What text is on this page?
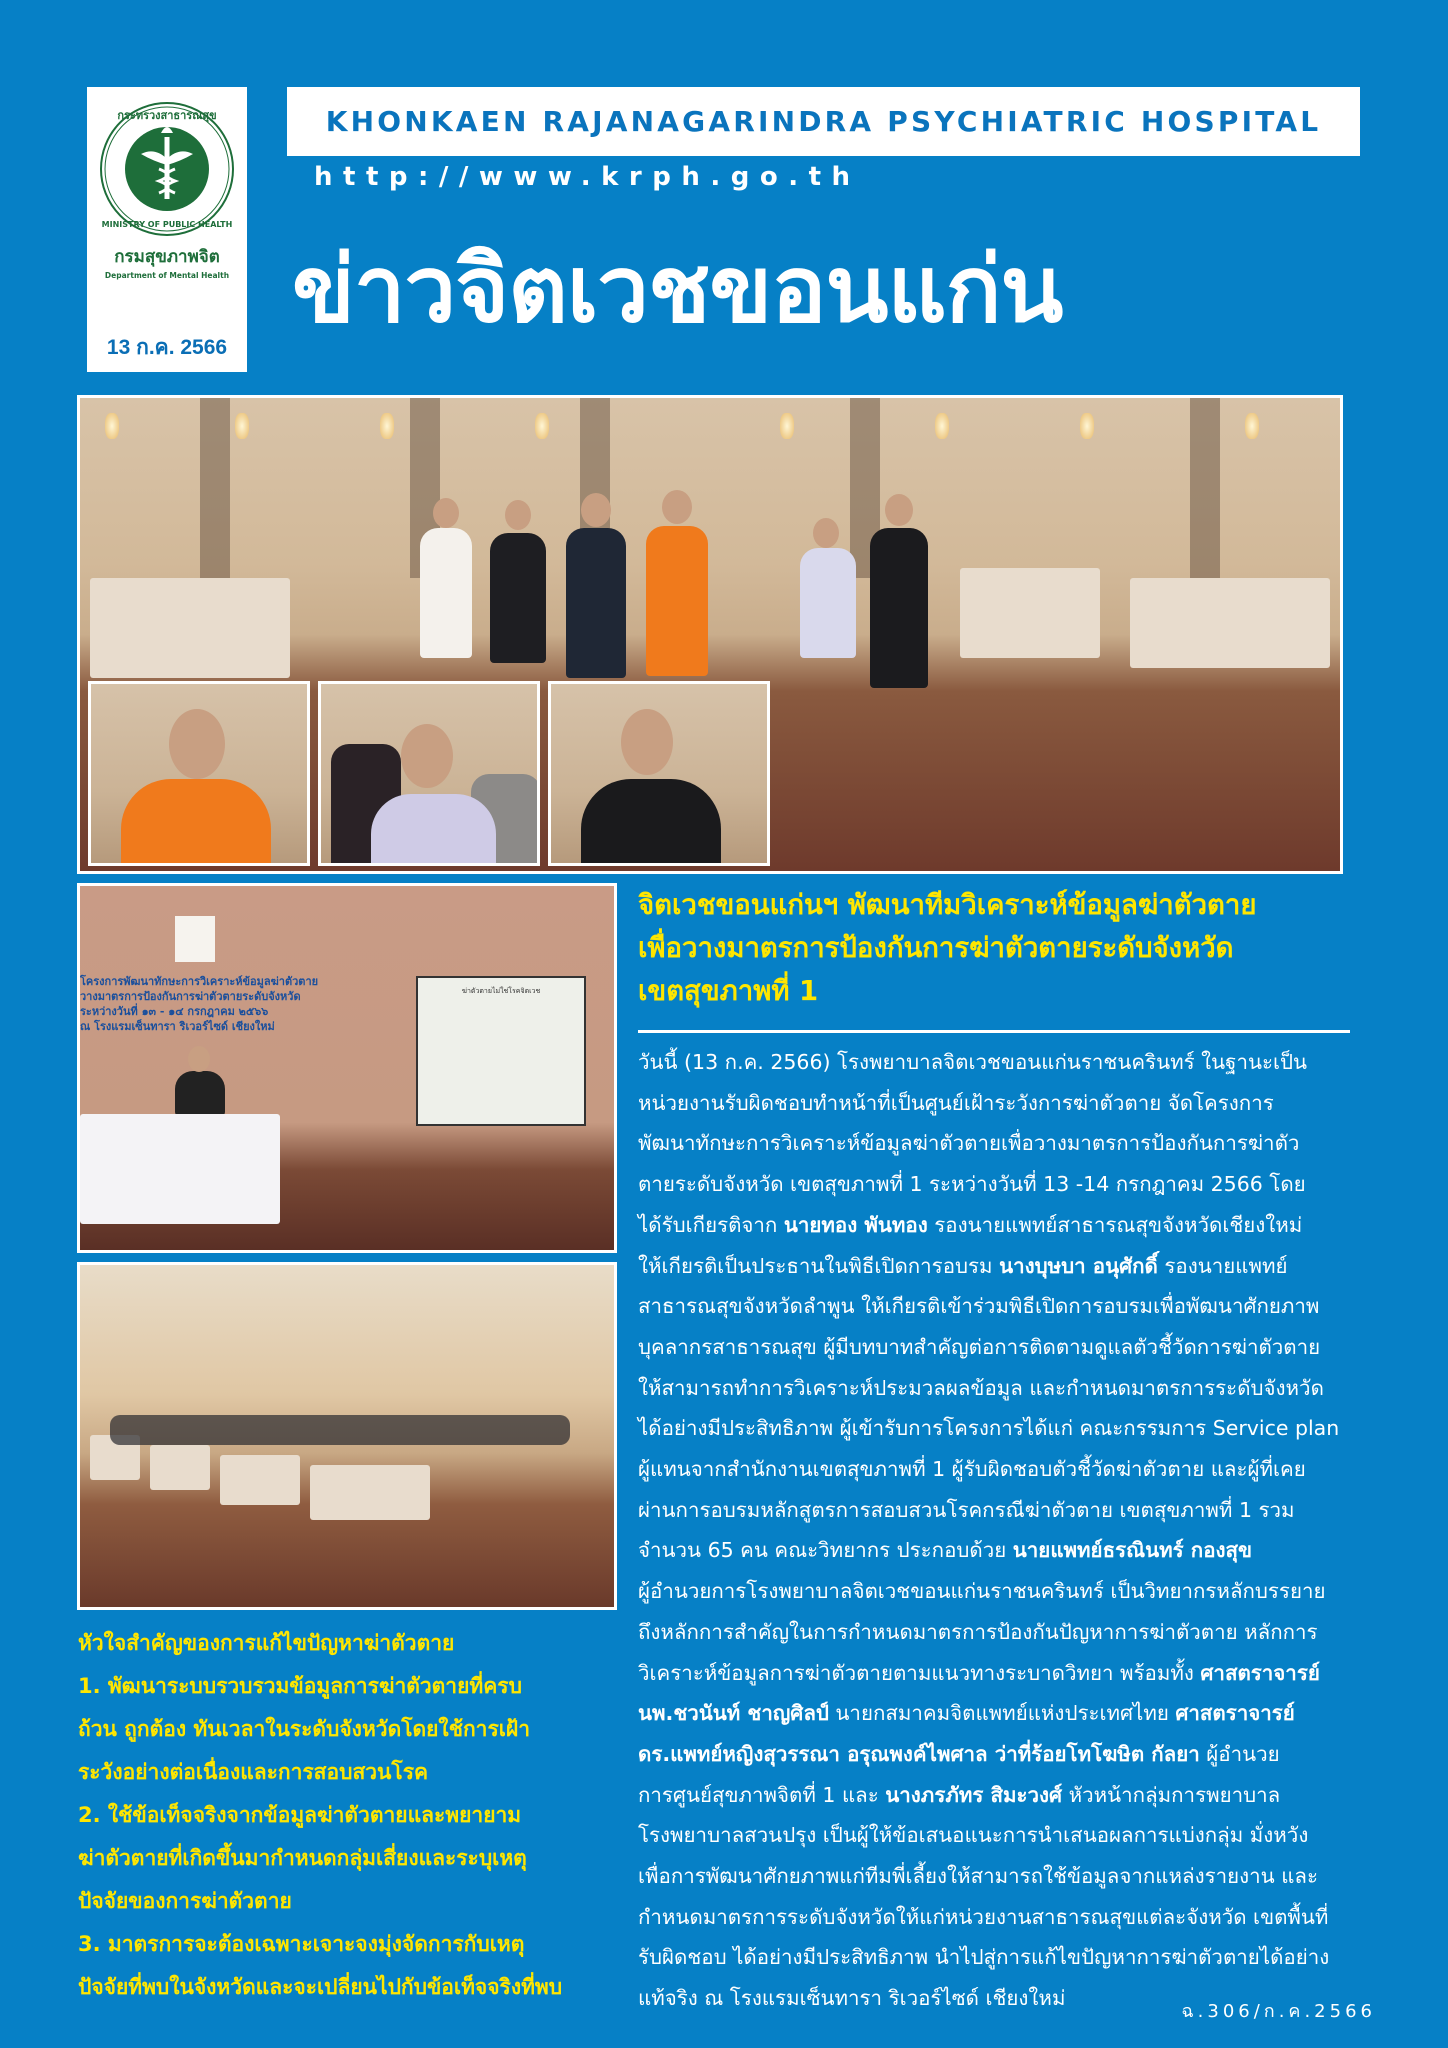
กระทรวงสาธารณสุข
MINISTRY OF PUBLIC HEALTH
กรมสุขภาพจิต
Department of Mental Health
13 ก.ค. 2566
KHONKAEN RAJANAGARINDRA PSYCHIATRIC HOSPITAL
http://www.krph.go.th
ข่าวจิตเวชขอนแก่น
โครงการพัฒนาทักษะการวิเคราะห์ข้อมูลฆ่าตัวตาย
วางมาตรการป้องกันการฆ่าตัวตายระดับจังหวัด
ระหว่างวันที่ ๑๓ - ๑๔ กรกฎาคม ๒๕๖๖
ณ โรงแรมเซ็นทารา ริเวอร์ไซด์ เชียงใหม่
ฆ่าตัวตายไม่ใช่โรคจิตเวช
จิตเวชขอนแก่นฯ พัฒนาทีมวิเคราะห์ข้อมูลฆ่าตัวตาย
เพื่อวางมาตรการป้องกันการฆ่าตัวตายระดับจังหวัด
เขตสุขภาพที่ 1
วันนี้ (13 ก.ค. 2566) โรงพยาบาลจิตเวชขอนแก่นราชนครินทร์ ในฐานะเป็น
หน่วยงานรับผิดชอบทำหน้าที่เป็นศูนย์เฝ้าระวังการฆ่าตัวตาย จัดโครงการ
พัฒนาทักษะการวิเคราะห์ข้อมูลฆ่าตัวตายเพื่อวางมาตรการป้องกันการฆ่าตัว
ตายระดับจังหวัด เขตสุขภาพที่ 1 ระหว่างวันที่ 13 -14 กรกฎาคม 2566 โดย
ได้รับเกียรติจาก นายทอง พันทอง รองนายแพทย์สาธารณสุขจังหวัดเชียงใหม่
ให้เกียรติเป็นประธานในพิธีเปิดการอบรม นางบุษบา อนุศักดิ์ รองนายแพทย์
สาธารณสุขจังหวัดลำพูน ให้เกียรติเข้าร่วมพิธีเปิดการอบรมเพื่อพัฒนาศักยภาพ
บุคลากรสาธารณสุข ผู้มีบทบาทสำคัญต่อการติดตามดูแลตัวชี้วัดการฆ่าตัวตาย
ให้สามารถทำการวิเคราะห์ประมวลผลข้อมูล และกำหนดมาตรการระดับจังหวัด
ได้อย่างมีประสิทธิภาพ ผู้เข้ารับการโครงการได้แก่ คณะกรรมการ Service plan
ผู้แทนจากสำนักงานเขตสุขภาพที่ 1 ผู้รับผิดชอบตัวชี้วัดฆ่าตัวตาย และผู้ที่เคย
ผ่านการอบรมหลักสูตรการสอบสวนโรคกรณีฆ่าตัวตาย เขตสุขภาพที่ 1 รวม
จำนวน 65 คน คณะวิทยากร ประกอบด้วย นายแพทย์ธรณินทร์ กองสุข
ผู้อำนวยการโรงพยาบาลจิตเวชขอนแก่นราชนครินทร์ เป็นวิทยากรหลักบรรยาย
ถึงหลักการสำคัญในการกำหนดมาตรการป้องกันปัญหาการฆ่าตัวตาย หลักการ
วิเคราะห์ข้อมูลการฆ่าตัวตายตามแนวทางระบาดวิทยา พร้อมทั้ง ศาสตราจารย์
นพ.ชวนันท์ ชาญศิลป์ นายกสมาคมจิตแพทย์แห่งประเทศไทย ศาสตราจารย์
ดร.แพทย์หญิงสุวรรณา อรุณพงค์ไพศาล ว่าที่ร้อยโทโฆษิต กัลยา ผู้อำนวย
การศูนย์สุขภาพจิตที่ 1 และ นางภรภัทร สิมะวงศ์ หัวหน้ากลุ่มการพยาบาล
โรงพยาบาลสวนปรุง เป็นผู้ให้ข้อเสนอแนะการนำเสนอผลการแบ่งกลุ่ม มั่งหวัง
เพื่อการพัฒนาศักยภาพแก่ทีมพี่เลี้ยงให้สามารถใช้ข้อมูลจากแหล่งรายงาน และ
กำหนดมาตรการระดับจังหวัดให้แก่หน่วยงานสาธารณสุขแต่ละจังหวัด เขตพื้นที่
รับผิดชอบ ได้อย่างมีประสิทธิภาพ นำไปสู่การแก้ไขปัญหาการฆ่าตัวตายได้อย่าง
แท้จริง ณ โรงแรมเซ็นทารา ริเวอร์ไซด์ เชียงใหม่
ฉ.306/ก.ค.2566
หัวใจสำคัญของการแก้ไขปัญหาฆ่าตัวตาย
1. พัฒนาระบบรวบรวมข้อมูลการฆ่าตัวตายที่ครบ
ถ้วน ถูกต้อง ทันเวลาในระดับจังหวัดโดยใช้การเฝ้า
ระวังอย่างต่อเนื่องและการสอบสวนโรค
2. ใช้ข้อเท็จจริงจากข้อมูลฆ่าตัวตายและพยายาม
ฆ่าตัวตายที่เกิดขึ้นมากำหนดกลุ่มเสี่ยงและระบุเหตุ
ปัจจัยของการฆ่าตัวตาย
3. มาตรการจะต้องเฉพาะเจาะจงมุ่งจัดการกับเหตุ
ปัจจัยที่พบในจังหวัดและจะเปลี่ยนไปกับข้อเท็จจริงที่พบ
